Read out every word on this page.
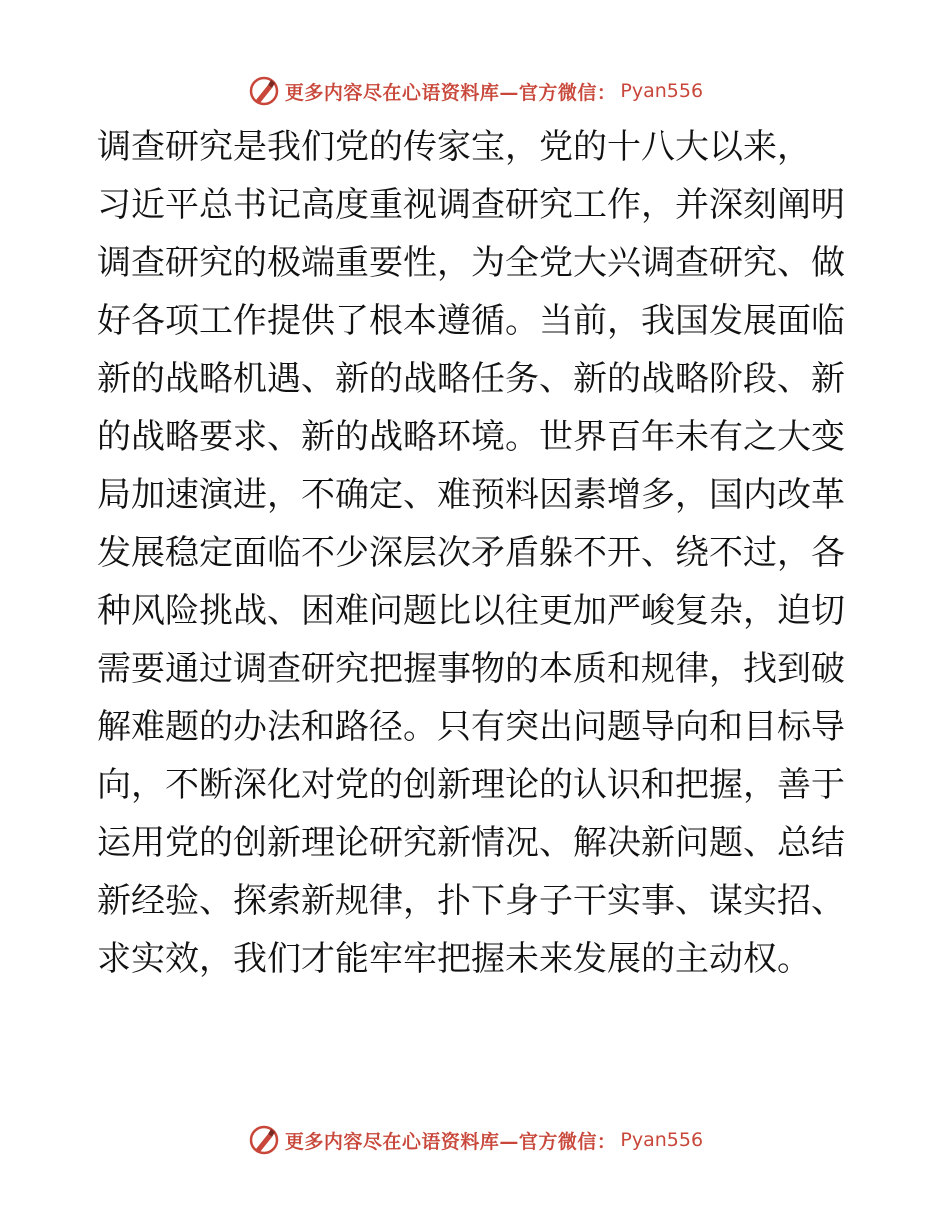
更多内容尽在心语资料库—官方微信： Pyan556
调查研究是我们党的传家宝，党的十八大以来，
习近平总书记高度重视调查研究工作，并深刻阐明
调查研究的极端重要性，为全党大兴调查研究、做
好各项工作提供了根本遵循。当前，我国发展面临
新的战略机遇、新的战略任务、新的战略阶段、新
的战略要求、新的战略环境。世界百年未有之大变
局加速演进，不确定、难预料因素增多，国内改革
发展稳定面临不少深层次矛盾躲不开、绕不过，各
种风险挑战、困难问题比以往更加严峻复杂，迫切
需要通过调查研究把握事物的本质和规律，找到破
解难题的办法和路径。只有突出问题导向和目标导
向，不断深化对党的创新理论的认识和把握，善于
运用党的创新理论研究新情况、解决新问题、总结
新经验、探索新规律，扑下身子干实事、谋实招、
求实效，我们才能牢牢把握未来发展的主动权。
更多内容尽在心语资料库—官方微信： Pyan556
